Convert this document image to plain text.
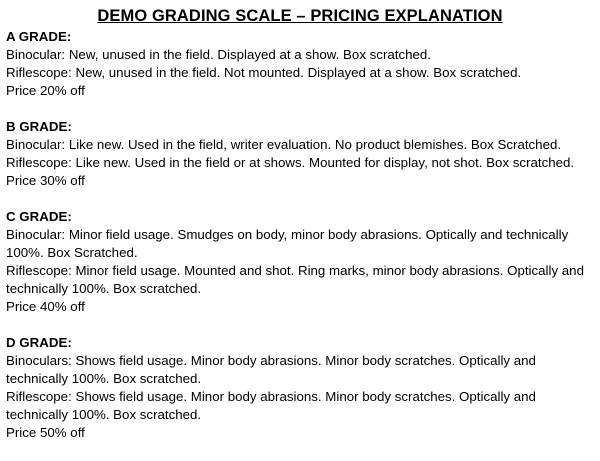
DEMO GRADING SCALE – PRICING EXPLANATION
A GRADE:
Binocular: New, unused in the field. Displayed at a show. Box scratched.
Riflescope: New, unused in the field. Not mounted. Displayed at a show. Box scratched.
Price 20% off
B GRADE:
Binocular: Like new. Used in the field, writer evaluation. No product blemishes. Box Scratched.
Riflescope: Like new. Used in the field or at shows. Mounted for display, not shot. Box scratched.
Price 30% off
C GRADE:
Binocular: Minor field usage. Smudges on body, minor body abrasions. Optically and technically 100%. Box Scratched.
Riflescope: Minor field usage. Mounted and shot. Ring marks, minor body abrasions. Optically and technically 100%. Box scratched.
Price 40% off
D GRADE:
Binoculars: Shows field usage. Minor body abrasions. Minor body scratches. Optically and technically 100%. Box scratched.
Riflescope: Shows field usage. Minor body abrasions. Minor body scratches. Optically and technically 100%. Box scratched.
Price 50% off
